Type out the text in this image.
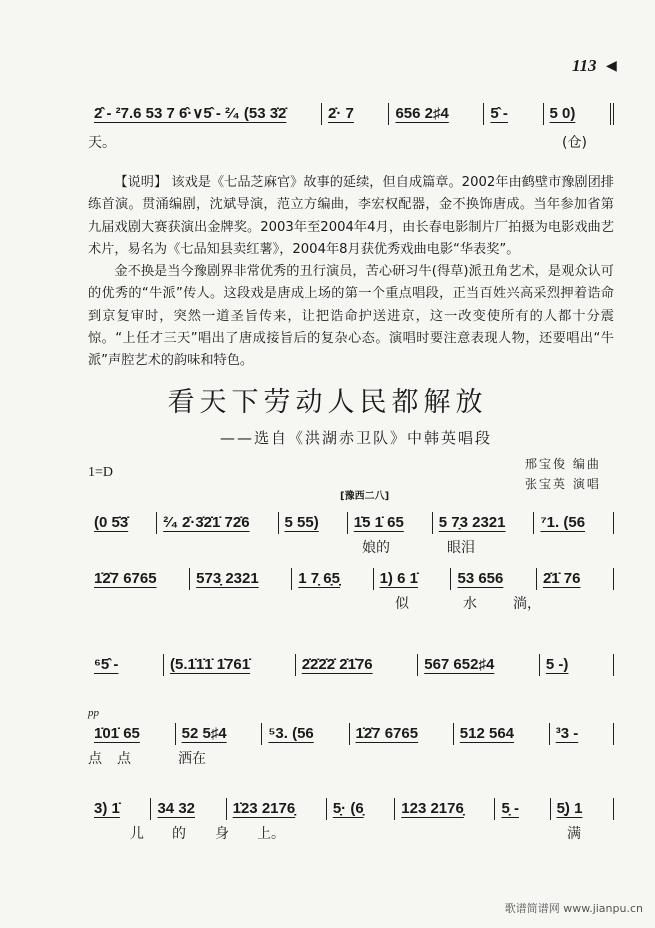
113 ◀
2̂ - ²7.6 53 7 6̂·∨5̂ - ²⁄₄ (53 3̇2̇	2̇· 7	656 2♯4	5̂ -	5 0)
天。	(仓)

【说明】 该戏是《七品芝麻官》故事的延续，但自成篇章。2002年由鹤壁市豫剧团排练首演。贯涌编剧，沈斌导演，范立方编曲，李宏权配器，金不换饰唐成。当年参加省第九届戏剧大赛获演出金牌奖。2003年至2004年4月，由长春电影制片厂拍摄为电影戏曲艺术片，易名为《七品知县卖红薯》，2004年8月获优秀戏曲电影“华表奖”。

金不换是当今豫剧界非常优秀的丑行演员，苦心研习牛(得草)派丑角艺术，是观众认可的优秀的“牛派”传人。这段戏是唐成上场的第一个重点唱段，正当百姓兴高采烈押着诰命到京复审时，突然一道圣旨传来，让把诰命护送进京，这一改变使所有的人都十分震惊。“上任才三天”唱出了唐成接旨后的复杂心态。演唱时要注意表现人物，还要唱出“牛派”声腔艺术的韵味和特色。

看天下劳动人民都解放
——选自《洪湖赤卫队》中韩英唱段
邢宝俊 编曲
张宝英 演唱
1=D
[豫西二八]
pp
(0 5̇3̇	²⁄₄ 2̇·3̇2̇1̇ 72̇6	5 55)	1̇5 1̇ 65	5 7̣3 2321	⁷1. (56
娘的	眼泪
1̇2̇7 6765	573̣ 2321	1 7̣ 6̣5̣	1) 6 1̇	53 656	2̇1̇ 76
似	水	淌，
⁶5̂ -	(5.1̇1̇1̇ 1̇761̇	2̇2̇2̇2̇ 2̇1̇76	567 652♯4	5 -)
1̇01̇ 65	52 5♯4	⁵3. (56	1̇2̇7 6765	512 564	³3 -
点 点	洒在
3) 1̇	34 32	1̇23 2176̣	5̣· (6̣	123 2176̣	5̣ -	5̣) 1
儿 的 身 上。	满
歌谱简谱网 www.jianpu.cn
